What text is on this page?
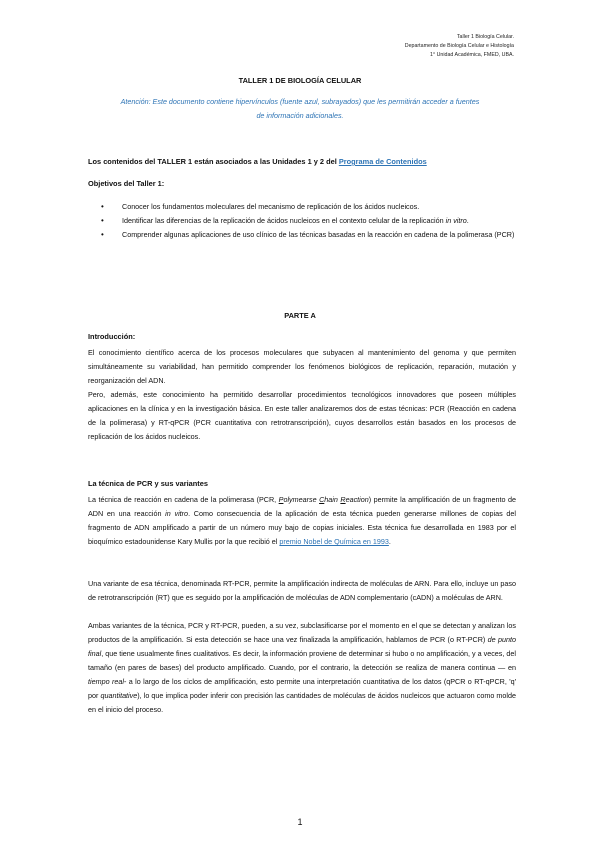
Taller 1 Biología Celular.
Departamento de Biología Celular e Histología
1° Unidad Académica, FMED, UBA.
TALLER 1 DE BIOLOGÍA CELULAR
Atención: Este documento contiene hipervínculos (fuente azul, subrayados) que les permitirán acceder a fuentes de información adicionales.
Los contenidos del TALLER 1 están asociados a las Unidades 1 y 2 del Programa de Contenidos
Objetivos del Taller 1:
•	Conocer los fundamentos moleculares del mecanismo de replicación de los ácidos nucleicos.
•	Identificar las diferencias de la replicación de ácidos nucleicos en el contexto celular de la replicación in vitro.
•	Comprender algunas aplicaciones de uso clínico de las técnicas basadas en la reacción en cadena de la polimerasa (PCR)
PARTE A
Introducción:

El conocimiento científico acerca de los procesos moleculares que subyacen al mantenimiento del genoma y que permiten simultáneamente su variabilidad, han permitido comprender los fenómenos biológicos de replicación, reparación, mutación y reorganización del ADN.

Pero, además, este conocimiento ha permitido desarrollar procedimientos tecnológicos innovadores que poseen múltiples aplicaciones en la clínica y en la investigación básica. En este taller analizaremos dos de estas técnicas: PCR (Reacción en cadena de la polimerasa) y RT-qPCR (PCR cuantitativa con retrotranscripción), cuyos desarrollos están basados en los procesos de replicación de los ácidos nucleicos.

La técnica de PCR y sus variantes

La técnica de reacción en cadena de la polimerasa (PCR, Polymearse Chain Reaction) permite la amplificación de un fragmento de ADN en una reacción in vitro. Como consecuencia de la aplicación de esta técnica pueden generarse millones de copias del fragmento de ADN amplificado a partir de un número muy bajo de copias iniciales. Esta técnica fue desarrollada en 1983 por el bioquímico estadounidense Kary Mullis por la que recibió el premio Nobel de Química en 1993.

Una variante de esa técnica, denominada RT-PCR, permite la amplificación indirecta de moléculas de ARN. Para ello, incluye un paso de retrotranscripción (RT) que es seguido por la amplificación de moléculas de ADN complementario (cADN) a moléculas de ARN.

Ambas variantes de la técnica, PCR y RT-PCR, pueden, a su vez, subclasificarse por el momento en el que se detectan y analizan los productos de la amplificación. Si esta detección se hace una vez finalizada la amplificación, hablamos de PCR (o RT-PCR) de punto final, que tiene usualmente fines cualitativos. Es decir, la información proviene de determinar si hubo o no amplificación, y a veces, del tamaño (en pares de bases) del producto amplificado. Cuando, por el contrario, la detección se realiza de manera continua — en tiempo real- a lo largo de los ciclos de amplificación, esto permite una interpretación cuantitativa de los datos (qPCR o RT-qPCR, 'q' por quantitative), lo que implica poder inferir con precisión las cantidades de moléculas de ácidos nucleicos que actuaron como molde en el inicio del proceso.

1
